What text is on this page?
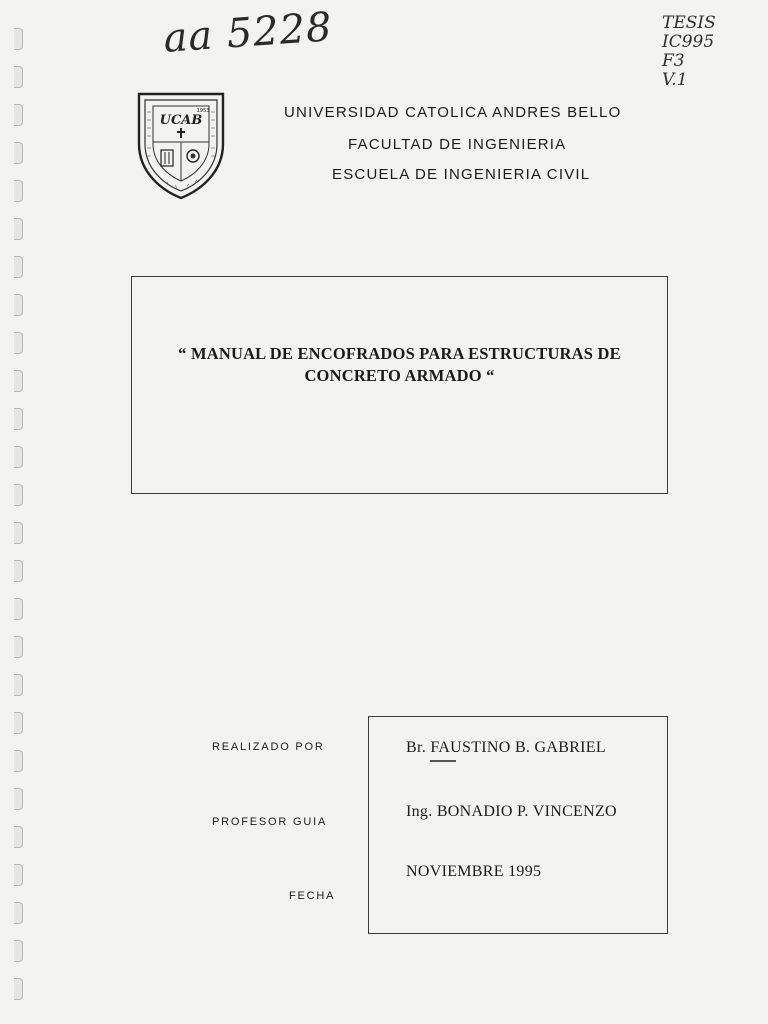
aa 5228	TESIS
IC995
F3
V.1
UCAB
1953	UNIVERSIDAD CATOLICA ANDRES BELLO
FACULTAD DE INGENIERIA
ESCUELA DE INGENIERIA CIVIL
“ MANUAL DE ENCOFRADOS PARA ESTRUCTURAS DE
CONCRETO ARMADO “
REALIZADO POR
PROFESOR GUIA
FECHA
Br. FAUSTINO B. GABRIEL
Ing. BONADIO P. VINCENZO
NOVIEMBRE 1995
